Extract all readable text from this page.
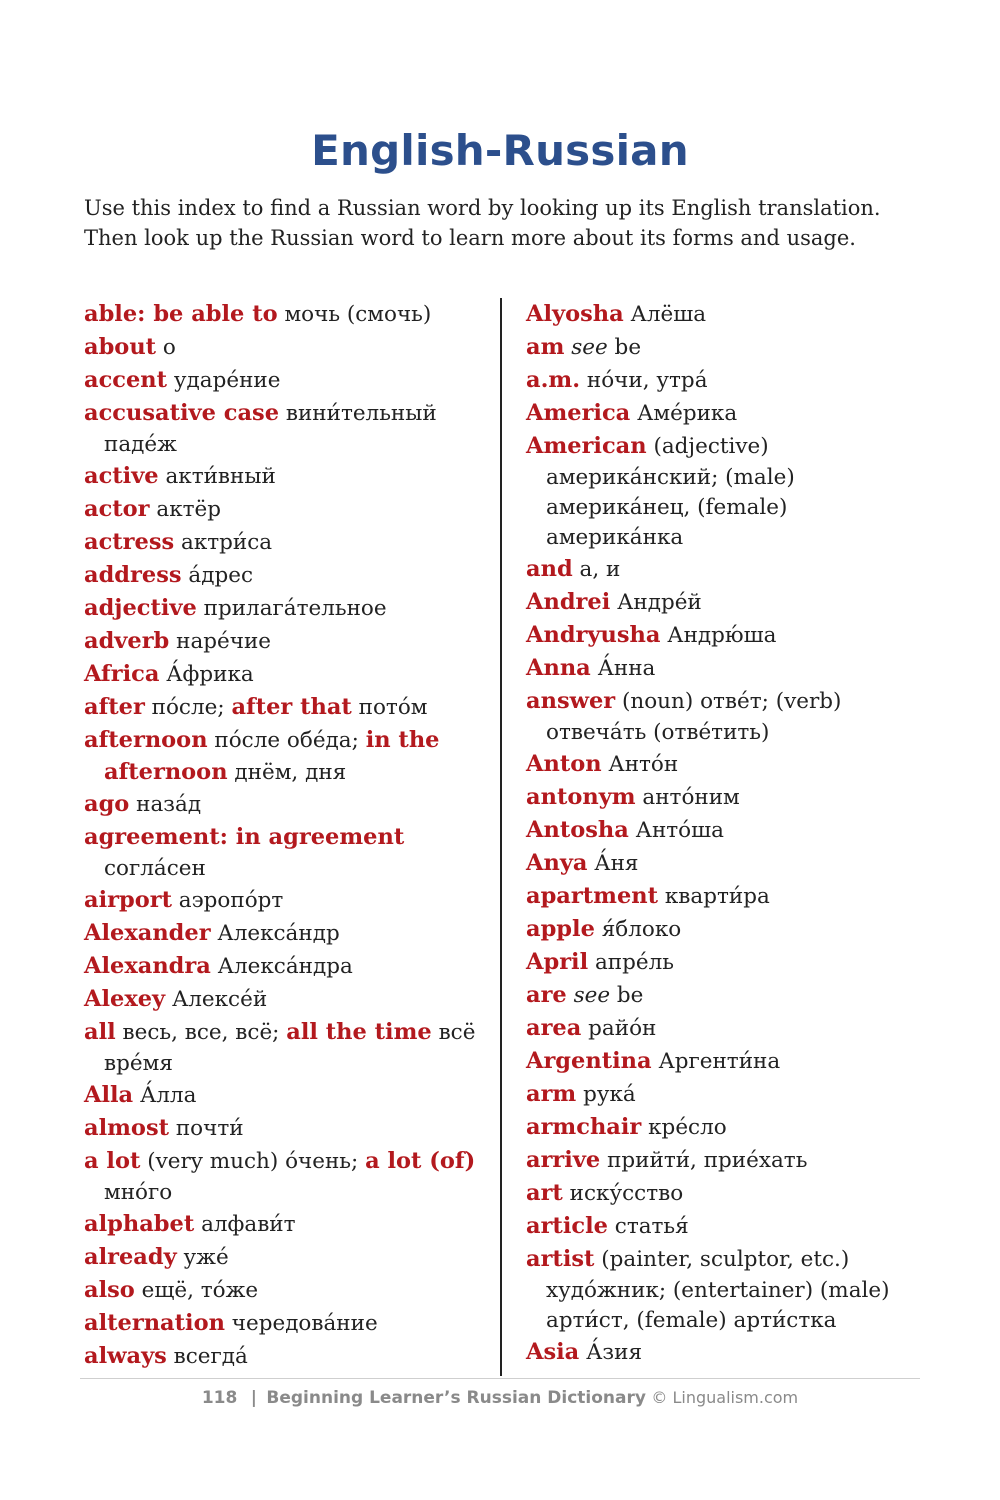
English-Russian
Use this index to find a Russian word by looking up its English translation.
Then look up the Russian word to learn more about its forms and usage.
able: be able to мочь (смочь)
about о
accent ударе́ние
accusative case вини́тельный
паде́ж
active акти́вный
actor актёр
actress актри́са
address а́дрес
adjective прилага́тельное
adverb наре́чие
Africa А́фрика
after по́сле; after that пото́м
afternoon по́сле обе́да; in the
afternoon днём, дня
ago наза́д
agreement: in agreement
согла́сен
airport аэропо́рт
Alexander Алекса́ндр
Alexandra Алекса́ндра
Alexey Алексе́й
all весь, все, всё; all the time всё
вре́мя
Alla А́лла
almost почти́
a lot (very much) о́чень; a lot (of)
мно́го
alphabet алфави́т
already уже́
also ещё, то́же
alternation чередова́ние
always всегда́
Alyosha Алёша
am see be
a.m. но́чи, утра́
America Аме́рика
American (adjective)
америка́нский; (male)
америка́нец, (female)
америка́нка
and а, и
Andrei Андре́й
Andryusha Андрю́ша
Anna А́нна
answer (noun) отве́т; (verb)
отвеча́ть (отве́тить)
Anton Анто́н
antonym анто́ним
Antosha Анто́ша
Anya А́ня
apartment кварти́ра
apple я́блоко
April апре́ль
are see be
area райо́н
Argentina Аргенти́на
arm рука́
armchair кре́сло
arrive прийти́, прие́хать
art иску́сство
article статья́
artist (painter, sculptor, etc.)
худо́жник; (entertainer) (male)
арти́ст, (female) арти́стка
Asia А́зия
118 | Beginning Learner’s Russian Dictionary © Lingualism.com
